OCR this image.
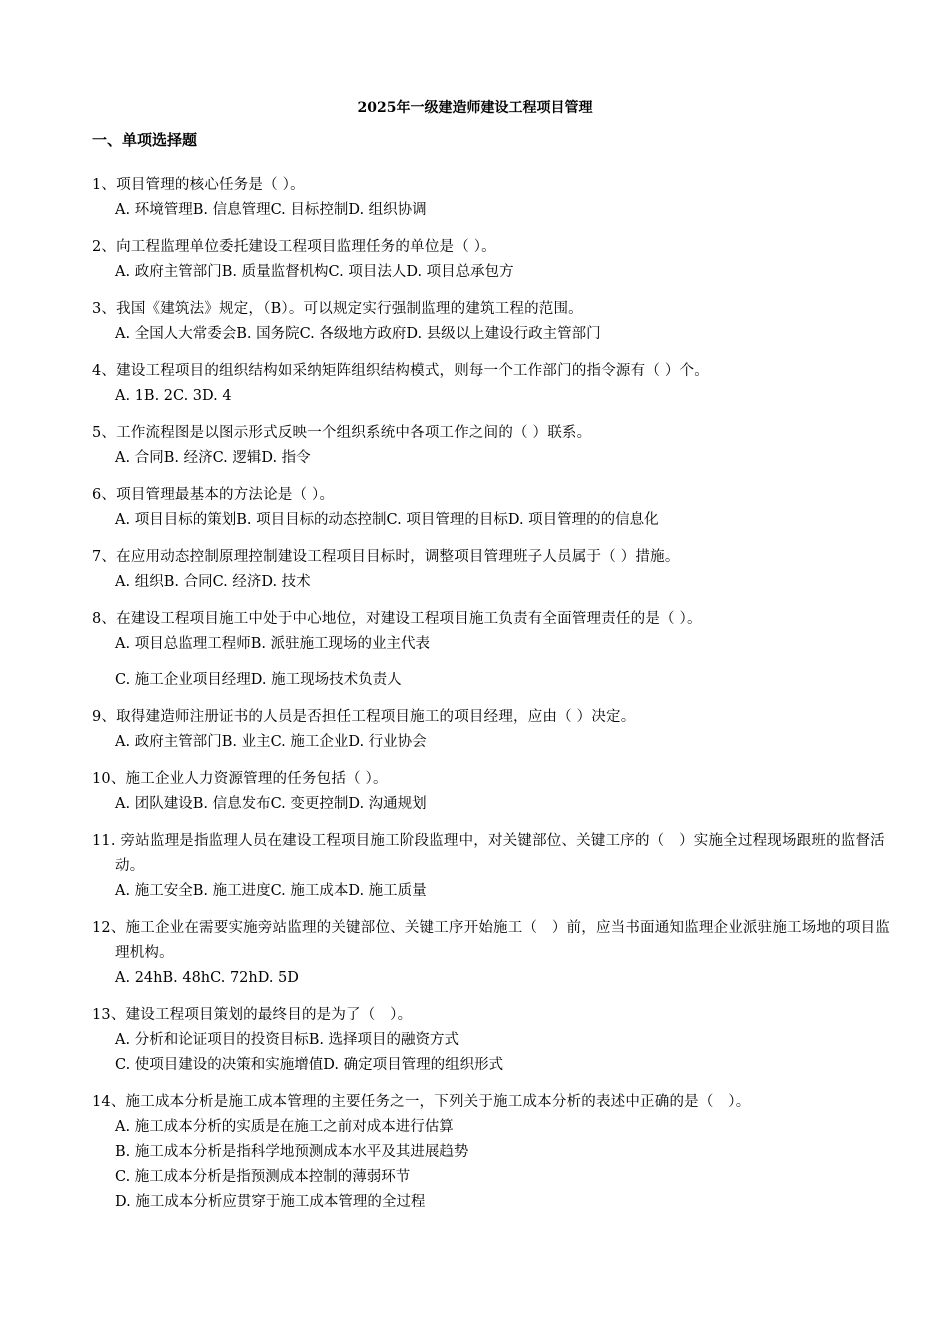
2025年一级建造师建设工程项目管理
一、单项选择题
1、项目管理的核心任务是（ ）。
A. 环境管理B. 信息管理C. 目标控制D. 组织协调
2、向工程监理单位委托建设工程项目监理任务的单位是（ ）。
A. 政府主管部门B. 质量监督机构C. 项目法人D. 项目总承包方
3、我国《建筑法》规定，（B）。可以规定实行强制监理的建筑工程的范围。
A. 全国人大常委会B. 国务院C. 各级地方政府D. 县级以上建设行政主管部门
4、建设工程项目的组织结构如采纳矩阵组织结构模式，则每一个工作部门的指令源有（ ）个。
A. 1B. 2C. 3D. 4
5、工作流程图是以图示形式反映一个组织系统中各项工作之间的（ ）联系。
A. 合同B. 经济C. 逻辑D. 指令
6、项目管理最基本的方法论是（ ）。
A. 项目目标的策划B. 项目目标的动态控制C. 项目管理的目标D. 项目管理的的信息化
7、在应用动态控制原理控制建设工程项目目标时，调整项目管理班子人员属于（ ）措施。
A. 组织B. 合同C. 经济D. 技术
8、在建设工程项目施工中处于中心地位，对建设工程项目施工负责有全面管理责任的是（ ）。
A. 项目总监理工程师B. 派驻施工现场的业主代表
C. 施工企业项目经理D. 施工现场技术负责人
9、取得建造师注册证书的人员是否担任工程项目施工的项目经理，应由（ ）决定。
A. 政府主管部门B. 业主C. 施工企业D. 行业协会
10、施工企业人力资源管理的任务包括（ ）。
A. 团队建设B. 信息发布C. 变更控制D. 沟通规划
11. 旁站监理是指监理人员在建设工程项目施工阶段监理中，对关键部位、关键工序的（　）实施全过程现场跟班的监督活动。
A. 施工安全B. 施工进度C. 施工成本D. 施工质量
12、施工企业在需要实施旁站监理的关键部位、关键工序开始施工（　）前，应当书面通知监理企业派驻施工场地的项目监理机构。
A. 24hB. 48hC. 72hD. 5D
13、建设工程项目策划的最终目的是为了（　）。
A. 分析和论证项目的投资目标B. 选择项目的融资方式
C. 使项目建设的决策和实施增值D. 确定项目管理的组织形式
14、施工成本分析是施工成本管理的主要任务之一，下列关于施工成本分析的表述中正确的是（　）。
A. 施工成本分析的实质是在施工之前对成本进行估算
B. 施工成本分析是指科学地预测成本水平及其进展趋势
C. 施工成本分析是指预测成本控制的薄弱环节
D. 施工成本分析应贯穿于施工成本管理的全过程
